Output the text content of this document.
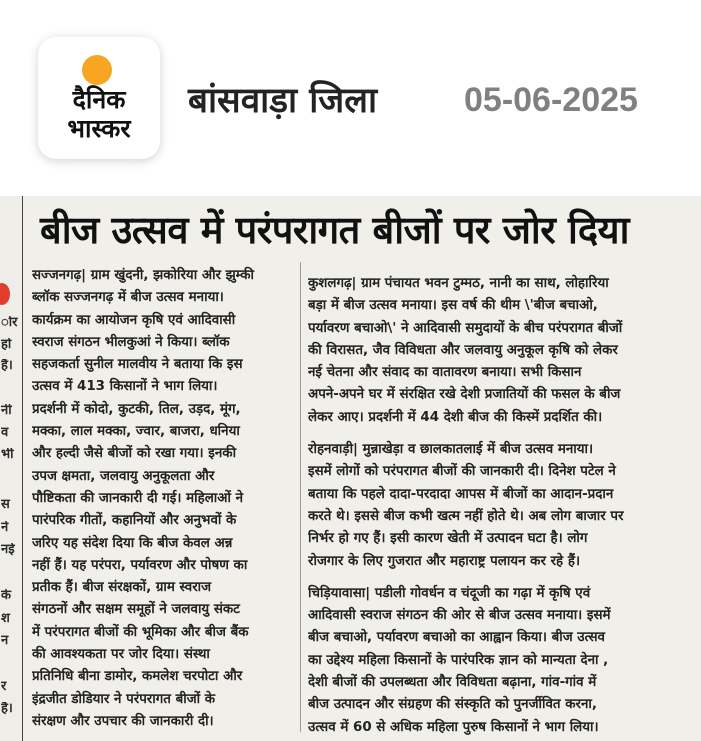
दैनिक
भास्कर
बांसवाड़ा जिला	05-06-2025
ोर
हो
हैं।
नी
व
भी
स
ने
नई
के
श
न
र
है।
बीज उत्सव में परंपरागत बीजों पर जोर दिया
सज्जनगढ़| ग्राम खुंदनी, झकोरिया और झुम्की
ब्लॉक सज्जनगढ़ में बीज उत्सव मनाया।
कार्यक्रम का आयोजन कृषि एवं आदिवासी
स्वराज संगठन भीलकुआं ने किया। ब्लॉक
सहजकर्ता सुनील मालवीय ने बताया कि इस
उत्सव में 413 किसानों ने भाग लिया।
प्रदर्शनी में कोदो, कुटकी, तिल, उड़द, मूंग,
मक्का, लाल मक्का, ज्वार, बाजरा, धनिया
और हल्दी जैसे बीजों को रखा गया। इनकी
उपज क्षमता, जलवायु अनुकूलता और
पौष्टिकता की जानकारी दी गई। महिलाओं ने
पारंपरिक गीतों, कहानियों और अनुभवों के
जरिए यह संदेश दिया कि बीज केवल अन्न
नहीं हैं। यह परंपरा, पर्यावरण और पोषण का
प्रतीक हैं। बीज संरक्षकों, ग्राम स्वराज
संगठनों और सक्षम समूहों ने जलवायु संकट
में परंपरागत बीजों की भूमिका और बीज बैंक
की आवश्यकता पर जोर दिया। संस्था
प्रतिनिधि बीना डामोर, कमलेश चरपोटा और
इंद्रजीत डोडियार ने परंपरागत बीजों के
संरक्षण और उपचार की जानकारी दी।
कुशलगढ़| ग्राम पंचायत भवन टुम्मठ, नानी का साथ, लोहारिया
बड़ा में बीज उत्सव मनाया। इस वर्ष की थीम \'बीज बचाओ,
पर्यावरण बचाओ\' ने आदिवासी समुदायों के बीच परंपरागत बीजों
की विरासत, जैव विविधता और जलवायु अनुकूल कृषि को लेकर
नई चेतना और संवाद का वातावरण बनाया। सभी किसान
अपने-अपने घर में संरक्षित रखे देशी प्रजातियों की फसल के बीज
लेकर आए। प्रदर्शनी में 44 देशी बीज की किस्में प्रदर्शित की।
रोहनवाड़ी| मुन्नाखेड़ा व छालकातलाई में बीज उत्सव मनाया।
इसमें लोगों को परंपरागत बीजों की जानकारी दी। दिनेश पटेल ने
बताया कि पहले दादा-परदादा आपस में बीजों का आदान-प्रदान
करते थे। इससे बीज कभी खत्म नहीं होते थे। अब लोग बाजार पर
निर्भर हो गए हैं। इसी कारण खेती में उत्पादन घटा है। लोग
रोजगार के लिए गुजरात और महाराष्ट्र पलायन कर रहे हैं।
चिड़ियावासा| पडीली गोवर्धन व चंदूजी का गढ़ा में कृषि एवं
आदिवासी स्वराज संगठन की ओर से बीज उत्सव मनाया। इसमें
बीज बचाओ, पर्यावरण बचाओ का आह्वान किया। बीज उत्सव
का उद्देश्य महिला किसानों के पारंपरिक ज्ञान को मान्यता देना ,
देशी बीजों की उपलब्धता और विविधता बढ़ाना, गांव-गांव में
बीज उत्पादन और संग्रहण की संस्कृति को पुनर्जीवित करना,
उत्सव में 60 से अधिक महिला पुरुष किसानों ने भाग लिया।
